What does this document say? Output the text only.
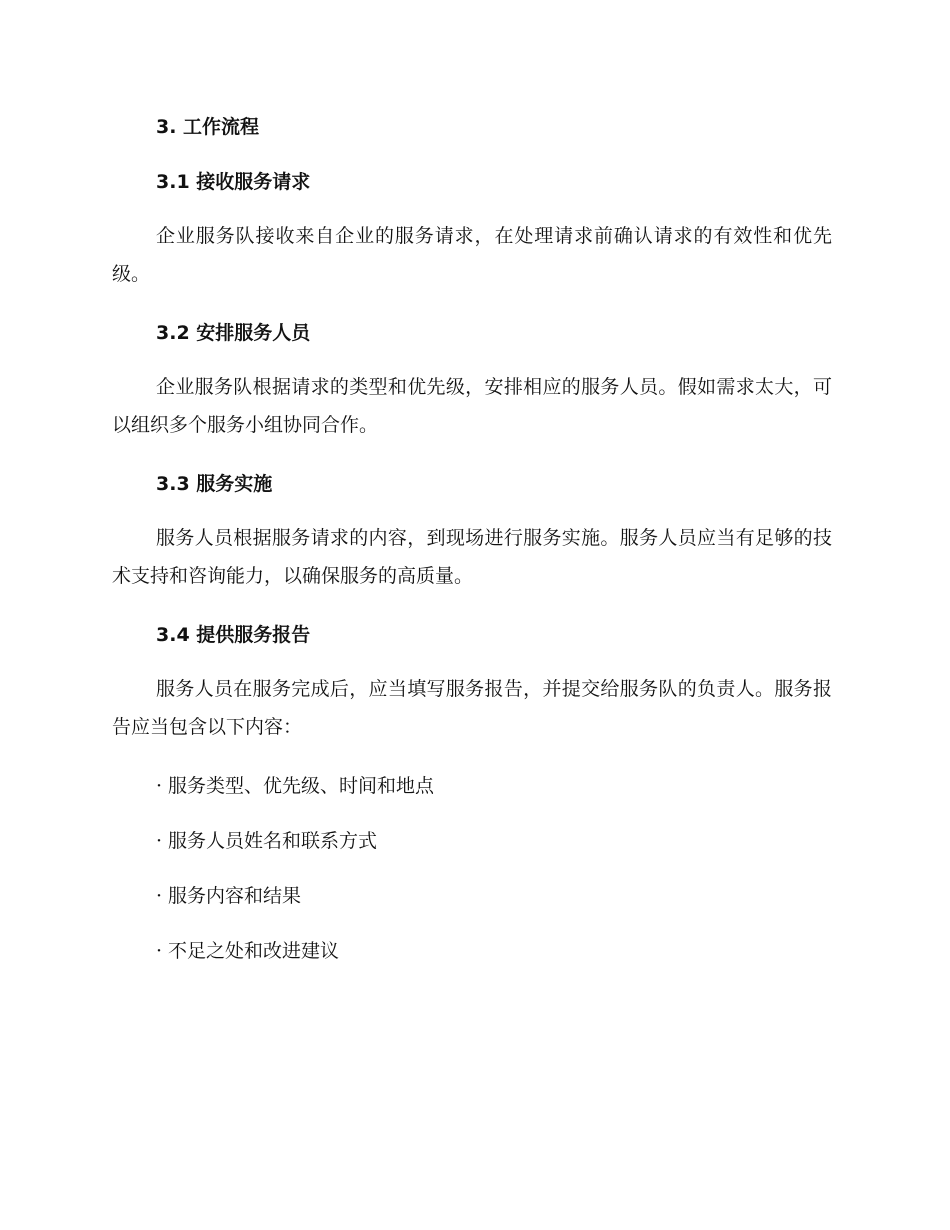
3. 工作流程
3.1 接收服务请求

企业服务队接收来自企业的服务请求，在处理请求前确认请求的有效性和优先级。

3.2 安排服务人员

企业服务队根据请求的类型和优先级，安排相应的服务人员。假如需求太大，可以组织多个服务小组协同合作。

3.3 服务实施

服务人员根据服务请求的内容，到现场进行服务实施。服务人员应当有足够的技术支持和咨询能力，以确保服务的高质量。

3.4 提供服务报告

服务人员在服务完成后，应当填写服务报告，并提交给服务队的负责人。服务报告应当包含以下内容：

· 服务类型、优先级、时间和地点
· 服务人员姓名和联系方式
· 服务内容和结果
· 不足之处和改进建议
